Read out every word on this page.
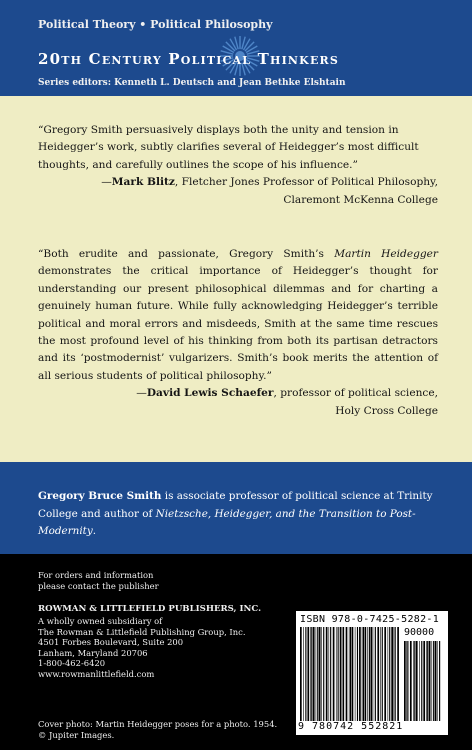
Political Theory • Political Philosophy
20th Century Political Thinkers
Series editors: Kenneth L. Deutsch and Jean Bethke Elshtain
“Gregory Smith persuasively displays both the unity and tension in Heidegger’s work, subtly clarifies several of Heidegger’s most difficult thoughts, and carefully outlines the scope of his influence.”
—Mark Blitz, Fletcher Jones Professor of Political Philosophy,
Claremont McKenna College
“Both erudite and passionate, Gregory Smith’s Martin Heidegger demonstrates the critical importance of Heidegger’s thought for understanding our present philosophical dilemmas and for charting a genuinely human future. While fully acknowledging Heidegger’s terrible political and moral errors and misdeeds, Smith at the same time rescues the most profound level of his thinking from both its partisan detractors and its ‘postmodernist’ vulgarizers. Smith’s book merits the attention of all serious students of political philosophy.”
—David Lewis Schaefer, professor of political science,
Holy Cross College
Gregory Bruce Smith is associate professor of political science at Trinity College and author of Nietzsche, Heidegger, and the Transition to Post-Modernity.
For orders and information
please contact the publisher
ROWMAN & LITTLEFIELD PUBLISHERS, INC.
A wholly owned subsidiary of
The Rowman & Littlefield Publishing Group, Inc.
4501 Forbes Boulevard, Suite 200
Lanham, Maryland 20706
1-800-462-6420
www.rowmanlittlefield.com
Cover photo: Martin Heidegger poses for a photo. 1954.
© Jupiter Images.
ISBN 978-0-7425-5282-1
90000
9 780742 552821
